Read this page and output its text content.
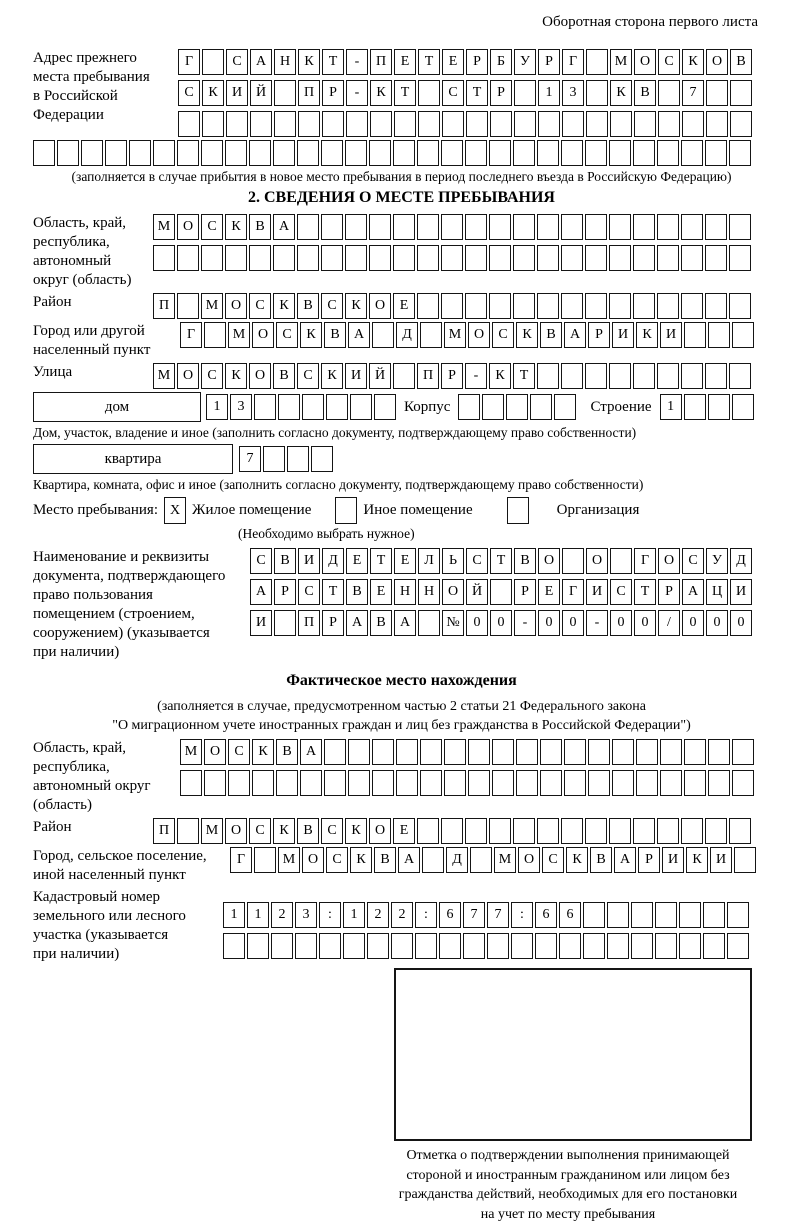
Оборотная сторона первого листа
Адрес прежнего
места пребывания
в Российской
Федерации
Г	С	А Н	К	Т	-	П	Е	Т	Е	Р	Б	У	Р	Г	М О	С	К	О	В
С	К	И Й	П	Р	-	К	Т	С	Т	Р	1	3	К	В	7
(заполняется в случае прибытия в новое место пребывания в период последнего въезда в Российскую Федерацию)
2. СВЕДЕНИЯ О МЕСТЕ ПРЕБЫВАНИЯ
Область, край,
республика,
автономный
округ (область)
М О	С	К	В	А
Район	П	М О	С	К	В	С	К	О	Е
Город или другой
населенный пункт
Г	М О	С	К	В	А	Д	М О	С	К	В	А	Р	И	К	И
Улица	М О	С	К	О	В	С	К	И Й	П	Р	-	К	Т
дом	1	3	Корпус	Строение	1
Дом, участок, владение и иное (заполнить согласно документу, подтверждающему право собственности)
квартира	7
Квартира, комната, офис и иное (заполнить согласно документу, подтверждающему право собственности)
Место пребывания: X Жилое помещение	Иное помещение	Организация
(Необходимо выбрать нужное)
Наименование и реквизиты
документа, подтверждающего
право пользования
помещением (строением,
сооружением) (указывается
при наличии)
С	В	И	Д	Е	Т	Е	Л	Ь	С	Т	В	О	О	Г	О	С	У	Д
А	Р	С	Т	В	Е	Н Н О Й	Р	Е	Г	И	С	Т	Р	А Ц И
И	П	Р	А	В	А	№ 0	0	-	0	0	-	0	0	/	0	0	0
Фактическое место нахождения
(заполняется в случае, предусмотренном частью 2 статьи 21 Федерального закона
"О миграционном учете иностранных граждан и лиц без гражданства в Российской Федерации")
Область, край,
республика,
автономный округ
(область)
М О	С	К	В	А
Район	П	М О	С	К	В	С	К	О	Е
Город, сельское поселение,
иной населенный пункт
Г	М О	С	К	В	А	Д	М О	С	К	В	А	Р	И	К	И
Кадастровый номер
земельного или лесного
участка (указывается
при наличии)
1	1	2	3	:	1	2	2	:	6	7	7	:	6	6
Отметка о подтверждении выполнения принимающей
стороной и иностранным гражданином или лицом без
гражданства действий, необходимых для его постановки
на учет по месту пребывания
